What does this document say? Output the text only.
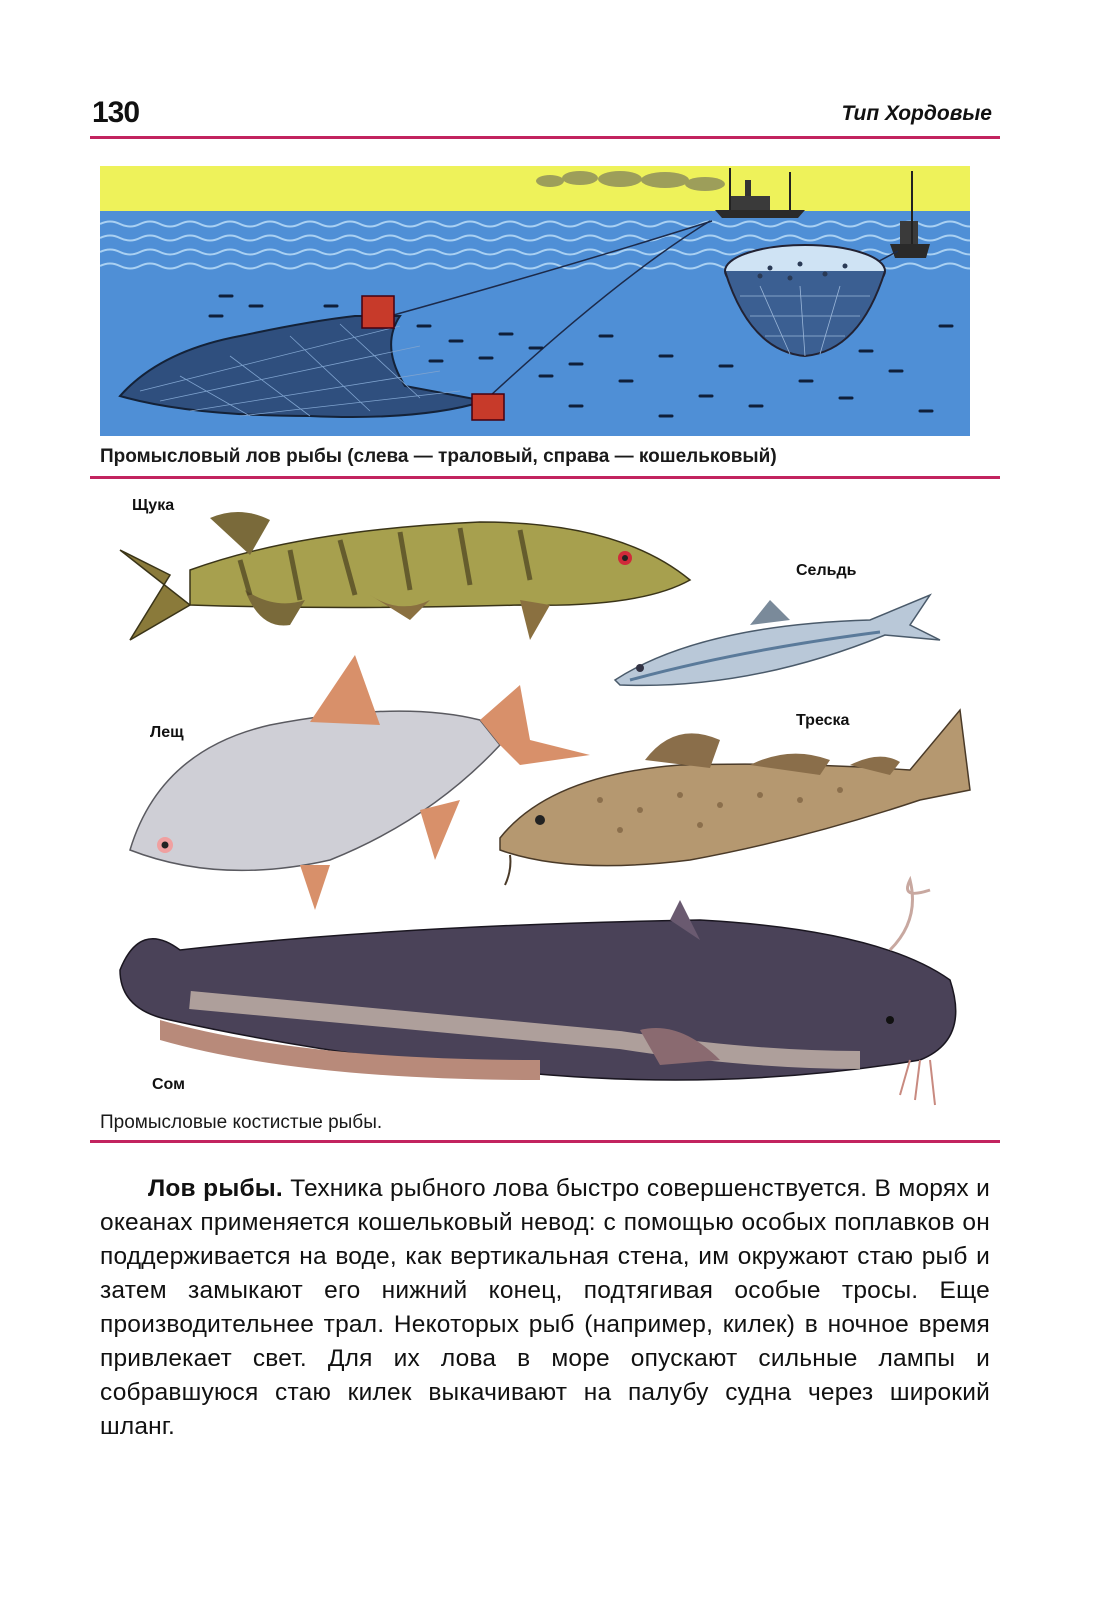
130	Тип Хордовые
Промысловый лов рыбы (слева — траловый, справа — кошельковый)
Щука
Сельдь
Лещ
Треска
Сом
Промысловые костистые рыбы.
Лов рыбы. Техника рыбного лова быстро совершенствуется. В морях и океанах применяется кошельковый невод: с помощью особых поплавков он поддерживается на воде, как вертикальная стена, им окружают стаю рыб и затем замыкают его нижний конец, подтягивая особые тросы. Еще производительнее трал. Некоторых рыб (например, килек) в ночное время привлекает свет. Для их лова в море опускают сильные лампы и собравшуюся стаю килек выкачивают на палубу судна через широкий шланг.
